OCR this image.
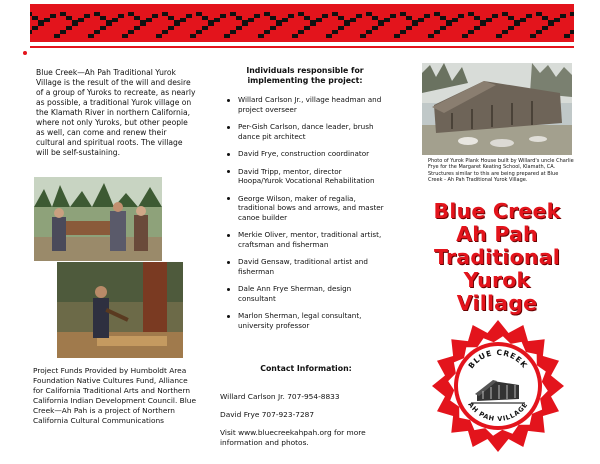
Blue Creek—Ah Pah Traditional Yurok Village is the result of the will and desire of a group of Yuroks to recreate, as nearly as possible, a traditional Yurok village on the Klamath River in northern California, where not only Yuroks, but other people as well, can come and renew their cultural and spiritual roots. The village will be self-sustaining.

Project Funds Provided by Humboldt Area Foundation Native Cultures Fund, Alliance for California Traditional Arts and Northern California Indian Development Council. Blue Creek—Ah Pah is a project of Northern California Cultural Communications

Individuals responsible for implementing the project:
Willard Carlson Jr., village headman and project overseer
Per-Gish Carlson, dance leader, brush dance pit architect
David Frye, construction coordinator
David Tripp, mentor, director Hoopa/Yurok Vocational Rehabilitation
George Wilson, maker of regalia, traditional bows and arrows, and master canoe builder
Merkie Oliver, mentor, traditional artist, craftsman and fisherman
David Gensaw, traditional artist and fisherman
Dale Ann Frye Sherman, design consultant
Marlon Sherman, legal consultant, university professor
Contact Information:
Willard Carlson Jr. 707-954-8833
David Frye 707-923-7287
Visit www.bluecreekahpah.org for more information and photos.

Photo of Yurok Plank House built by Willard's uncle Charlie Frye for the Margaret Keating School, Klamath, CA. Structures similar to this are being prepared at Blue Creek - Ah Pah Traditional Yurok Village.

Blue Creek
Ah Pah
Traditional
Yurok
Village
BLUE CREEK
AH PAH VILLAGE
